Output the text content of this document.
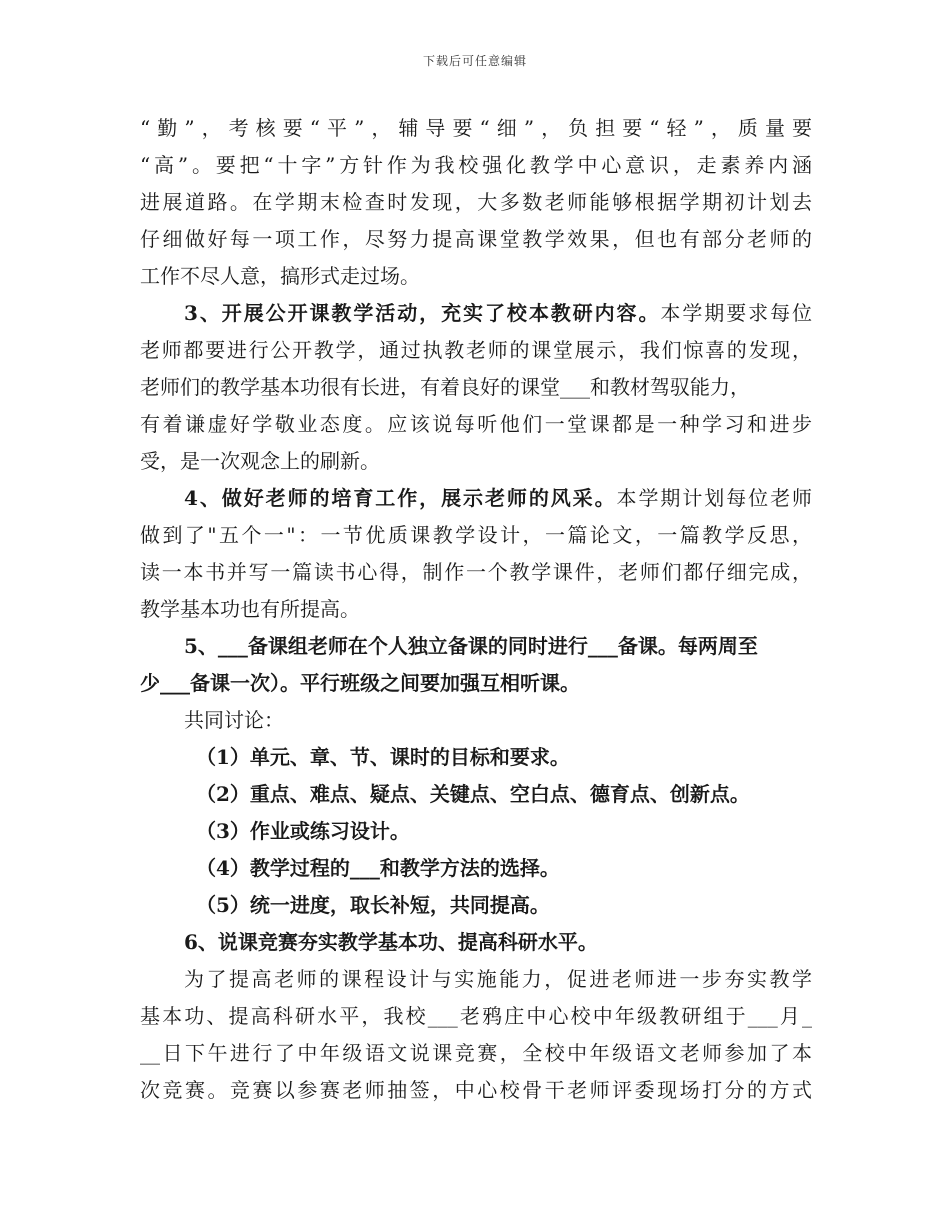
下载后可任意编辑
“勤”，考核要“平”，辅导要“细”，负担要“轻”，质量要
“高”。要把“十字”方针作为我校强化教学中心意识，走素养内涵
进展道路。在学期末检查时发现，大多数老师能够根据学期初计划去
仔细做好每一项工作，尽努力提高课堂教学效果，但也有部分老师的
工作不尽人意，搞形式走过场。
3、开展公开课教学活动，充实了校本教研内容。本学期要求每位
老师都要进行公开教学，通过执教老师的课堂展示，我们惊喜的发现，
老师们的教学基本功很有长进，有着良好的课堂___和教材驾驭能力，
有着谦虚好学敬业态度。应该说每听他们一堂课都是一种学习和进步
受，是一次观念上的刷新。
4、做好老师的培育工作，展示老师的风采。本学期计划每位老师
做到了"五个一"：一节优质课教学设计，一篇论文，一篇教学反思，
读一本书并写一篇读书心得，制作一个教学课件，老师们都仔细完成，
教学基本功也有所提高。
5、___备课组老师在个人独立备课的同时进行___备课。每两周至
少___备课一次）。平行班级之间要加强互相听课。
共同讨论：
（1）单元、章、节、课时的目标和要求。
（2）重点、难点、疑点、关键点、空白点、德育点、创新点。
（3）作业或练习设计。
（4）教学过程的___和教学方法的选择。
（5）统一进度，取长补短，共同提高。
6、说课竞赛夯实教学基本功、提高科研水平。
为了提高老师的课程设计与实施能力，促进老师进一步夯实教学
基本功、提高科研水平，我校___老鸦庄中心校中年级教研组于___月_
__日下午进行了中年级语文说课竞赛，全校中年级语文老师参加了本
次竞赛。竞赛以参赛老师抽签，中心校骨干老师评委现场打分的方式
